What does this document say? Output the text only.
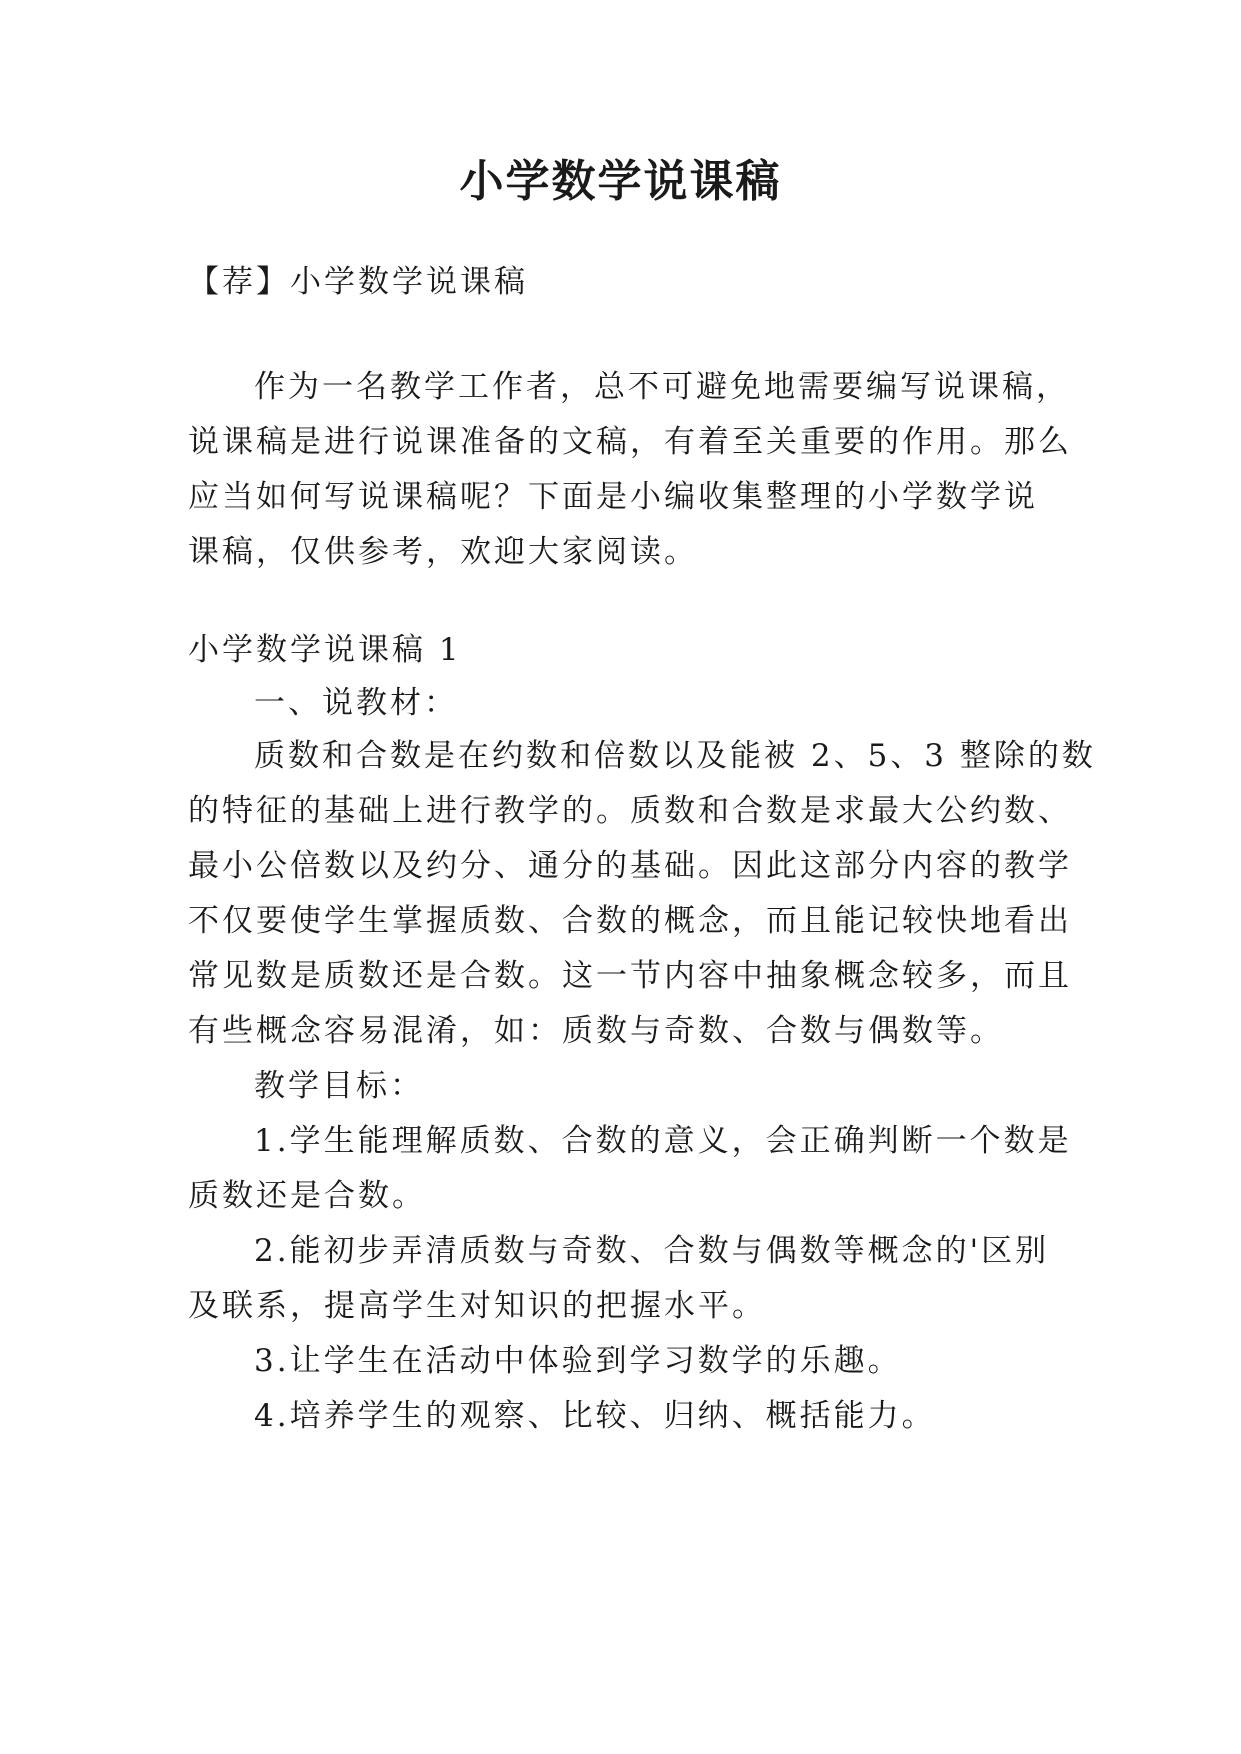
小学数学说课稿
【荐】小学数学说课稿
作为一名教学工作者，总不可避免地需要编写说课稿，
说课稿是进行说课准备的文稿，有着至关重要的作用。那么
应当如何写说课稿呢？下面是小编收集整理的小学数学说
课稿，仅供参考，欢迎大家阅读。
小学数学说课稿 1
一、说教材：
质数和合数是在约数和倍数以及能被 2、5、3 整除的数
的特征的基础上进行教学的。质数和合数是求最大公约数、
最小公倍数以及约分、通分的基础。因此这部分内容的教学
不仅要使学生掌握质数、合数的概念，而且能记较快地看出
常见数是质数还是合数。这一节内容中抽象概念较多，而且
有些概念容易混淆，如：质数与奇数、合数与偶数等。
教学目标：
1.学生能理解质数、合数的意义，会正确判断一个数是
质数还是合数。
2.能初步弄清质数与奇数、合数与偶数等概念的'区别
及联系，提高学生对知识的把握水平。
3.让学生在活动中体验到学习数学的乐趣。
4.培养学生的观察、比较、归纳、概括能力。
